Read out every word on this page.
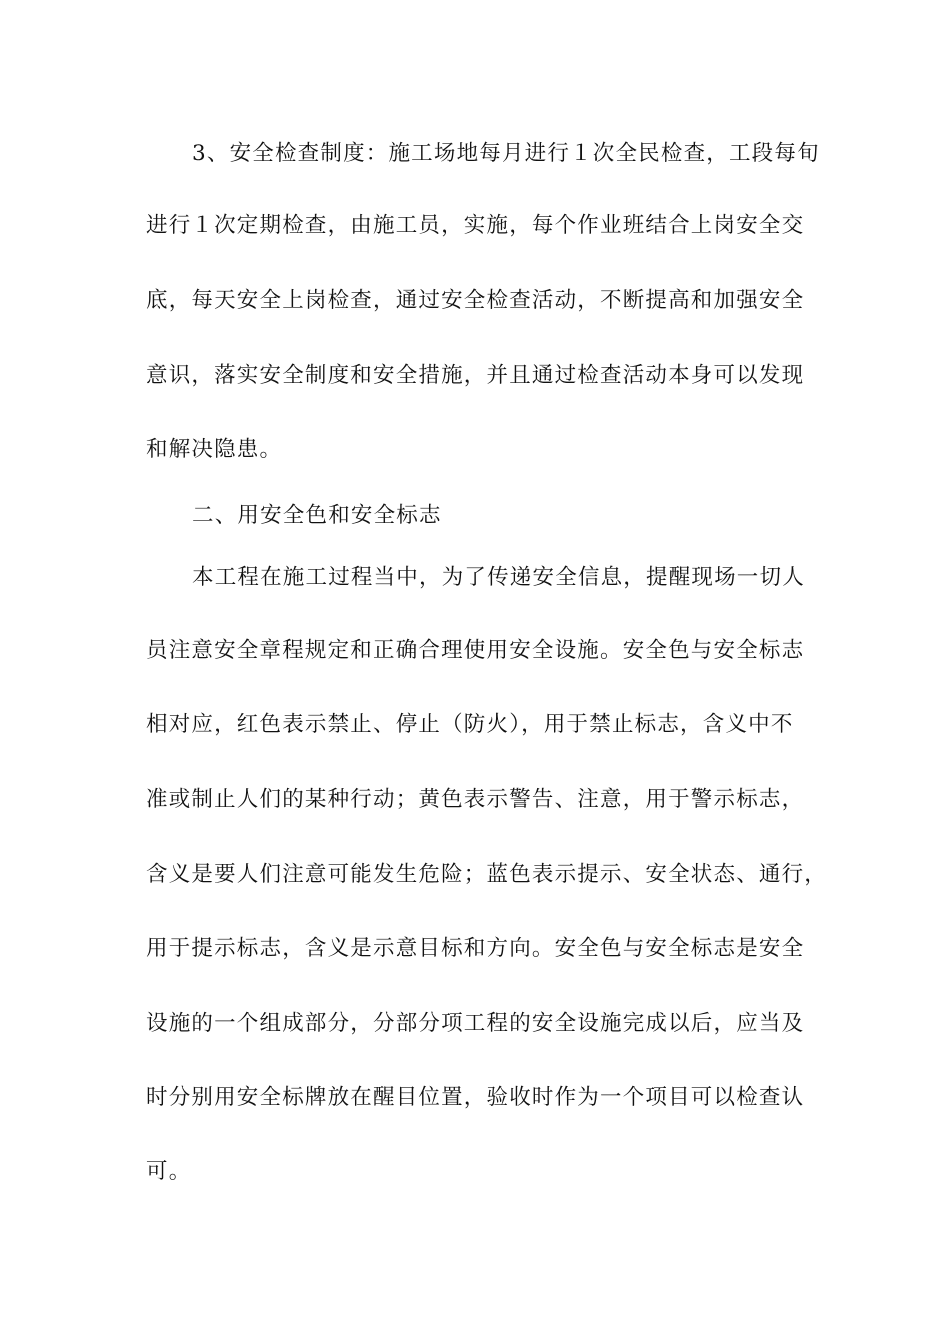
3、安全检查制度：施工场地每月进行１次全民检查，工段每旬
进行１次定期检查，由施工员，实施，每个作业班结合上岗安全交
底，每天安全上岗检查，通过安全检查活动，不断提高和加强安全
意识，落实安全制度和安全措施，并且通过检查活动本身可以发现
和解决隐患。
二、用安全色和安全标志
本工程在施工过程当中，为了传递安全信息，提醒现场一切人
员注意安全章程规定和正确合理使用安全设施。安全色与安全标志
相对应，红色表示禁止、停止（防火），用于禁止标志，含义中不
准或制止人们的某种行动；黄色表示警告、注意，用于警示标志，
含义是要人们注意可能发生危险；蓝色表示提示、安全状态、通行，
用于提示标志，含义是示意目标和方向。安全色与安全标志是安全
设施的一个组成部分，分部分项工程的安全设施完成以后，应当及
时分别用安全标牌放在醒目位置，验收时作为一个项目可以检查认
可。
